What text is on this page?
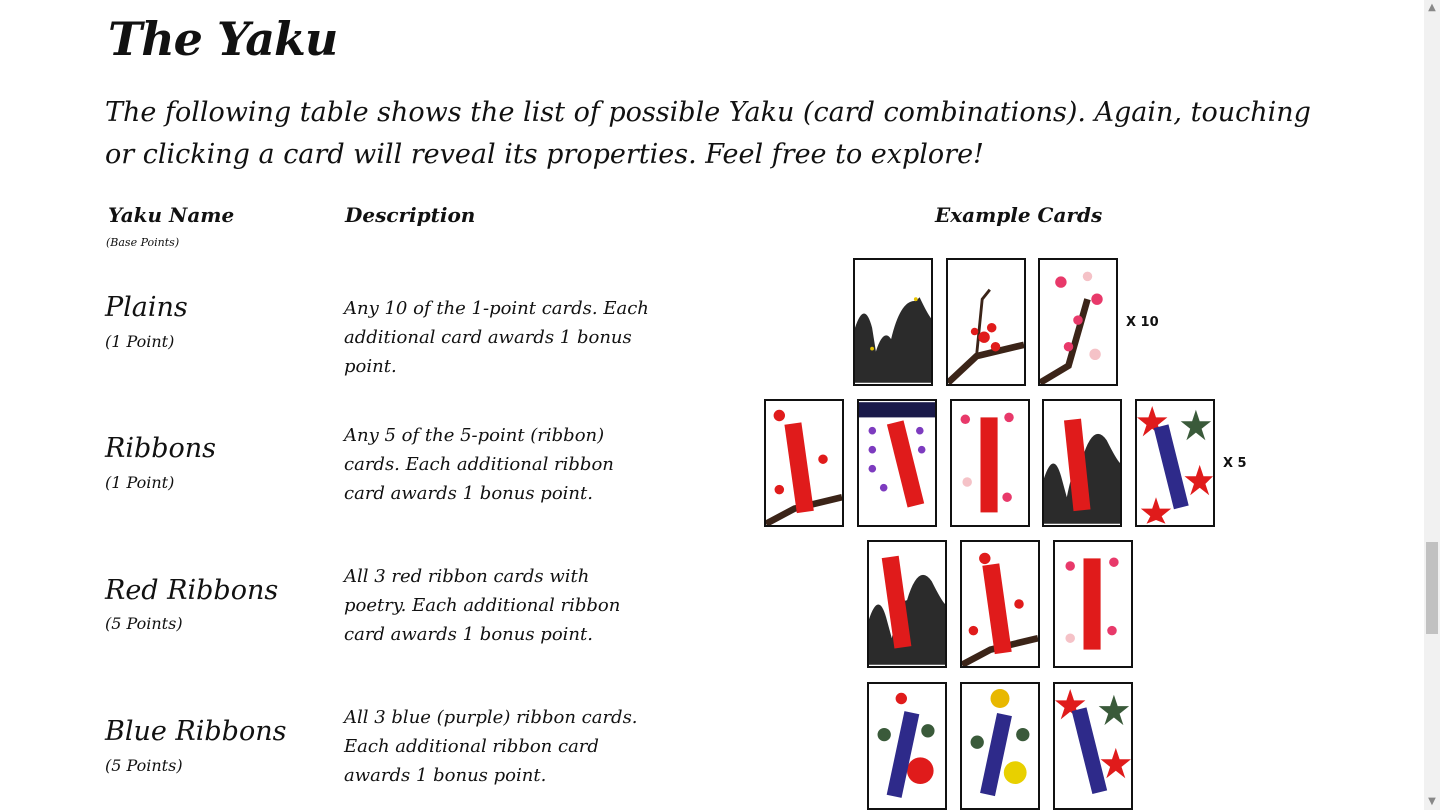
The Yaku

The following table shows the list of possible Yaku (card combinations). Again, touching or clicking a card will reveal its properties. Feel free to explore!

Yaku Name
(Base Points)
Description	Example Cards
Plains
(1 Point)
Any 10 of the 1-point cards. Each additional card awards 1 bonus point.
Ribbons
(1 Point)
Any 5 of the 5-point (ribbon) cards. Each additional ribbon card awards 1 bonus point.
Red Ribbons
(5 Points)
All 3 red ribbon cards with poetry. Each additional ribbon card awards 1 bonus point.
Blue Ribbons
(5 Points)
All 3 blue (purple) ribbon cards. Each additional ribbon card awards 1 bonus point.
X 10
X 5
▲
▼
